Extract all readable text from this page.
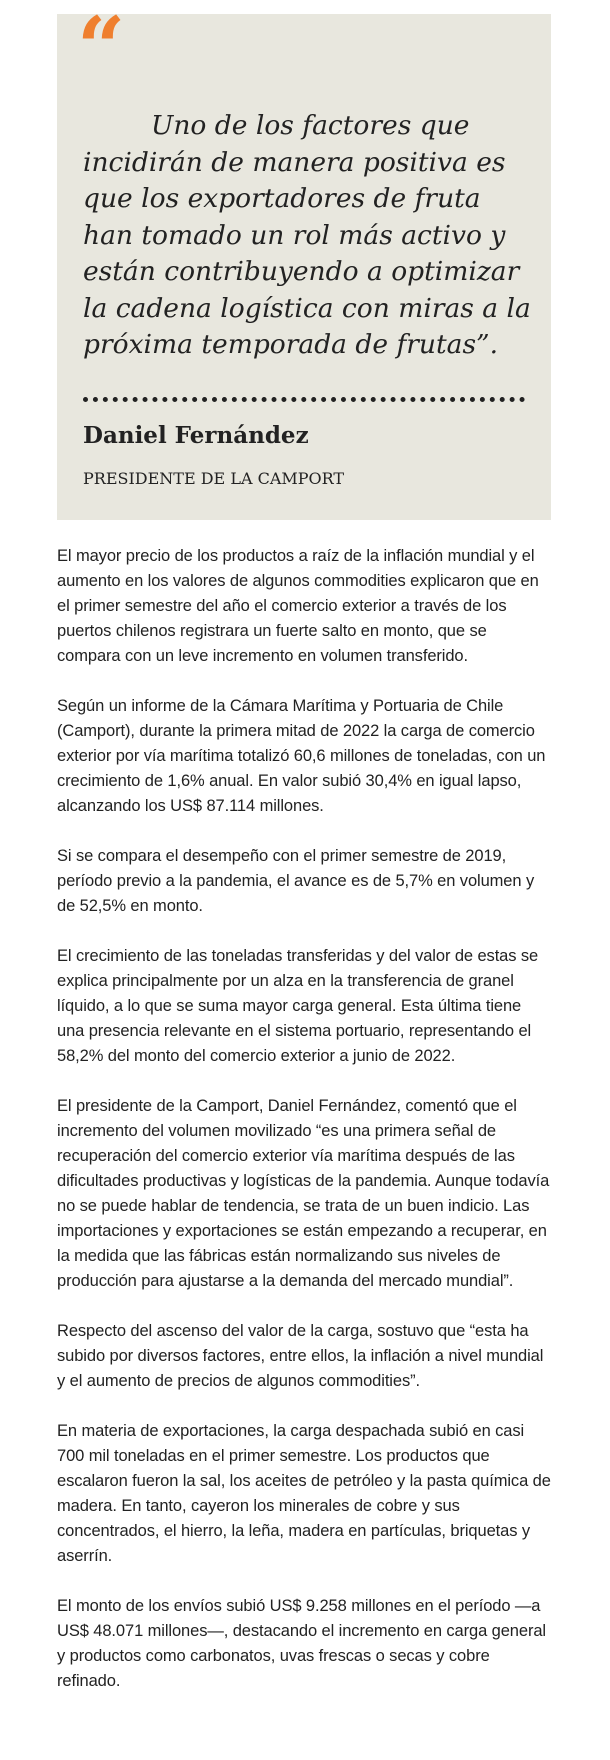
“

Uno de los factores que incidirán de manera positiva es que los exportadores de fruta han tomado un rol más activo y están contribuyendo a optimizar la cadena logística con miras a la próxima temporada de frutas”.

Daniel Fernández

PRESIDENTE DE LA CAMPORT

El mayor precio de los productos a raíz de la inflación mundial y el aumento en los valores de algunos commodities explicaron que en el primer semestre del año el comercio exterior a través de los puertos chilenos registrara un fuerte salto en monto, que se compara con un leve incremento en volumen transferido.

Según un informe de la Cámara Marítima y Portuaria de Chile (Camport), durante la primera mitad de 2022 la carga de comercio exterior por vía marítima totalizó 60,6 millones de toneladas, con un crecimiento de 1,6% anual. En valor subió 30,4% en igual lapso, alcanzando los US$ 87.114 millones.

Si se compara el desempeño con el primer semestre de 2019, período previo a la pandemia, el avance es de 5,7% en volumen y de 52,5% en monto.

El crecimiento de las toneladas transferidas y del valor de estas se explica principalmente por un alza en la transferencia de granel líquido, a lo que se suma mayor carga general. Esta última tiene una presencia relevante en el sistema portuario, representando el 58,2% del monto del comercio exterior a junio de 2022.

El presidente de la Camport, Daniel Fernández, comentó que el incremento del volumen movilizado “es una primera señal de recuperación del comercio exterior vía marítima después de las dificultades productivas y logísticas de la pandemia. Aunque todavía no se puede hablar de tendencia, se trata de un buen indicio. Las importaciones y exportaciones se están empezando a recuperar, en la medida que las fábricas están normalizando sus niveles de producción para ajustarse a la demanda del mercado mundial”.

Respecto del ascenso del valor de la carga, sostuvo que “esta ha subido por diversos factores, entre ellos, la inflación a nivel mundial y el aumento de precios de algunos commodities”.

En materia de exportaciones, la carga despachada subió en casi 700 mil toneladas en el primer semestre. Los productos que escalaron fueron la sal, los aceites de petróleo y la pasta química de madera. En tanto, cayeron los minerales de cobre y sus concentrados, el hierro, la leña, madera en partículas, briquetas y aserrín.

El monto de los envíos subió US$ 9.258 millones en el período —a US$ 48.071 millones—, destacando el incremento en carga general y productos como carbonatos, uvas frescas o secas y cobre refinado.
